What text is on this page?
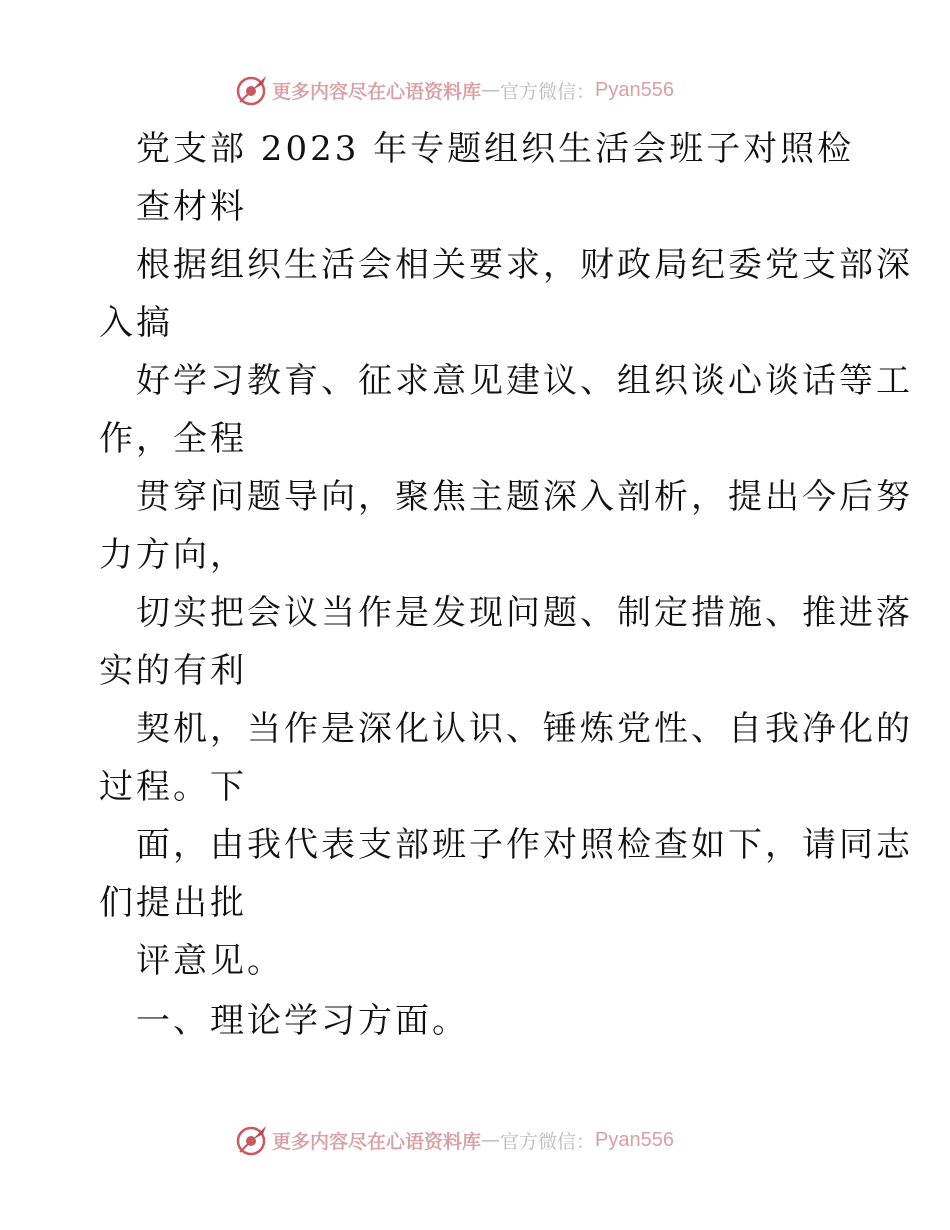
更多内容尽在心语资料库 — 官方微信： Pyan556
党支部 2023 年专题组织生活会班子对照检
查材料
根据组织生活会相关要求，财政局纪委党支部深
入搞
好学习教育、征求意见建议、组织谈心谈话等工
作，全程
贯穿问题导向，聚焦主题深入剖析，提出今后努
力方向，
切实把会议当作是发现问题、制定措施、推进落
实的有利
契机，当作是深化认识、锤炼党性、自我净化的
过程。下
面，由我代表支部班子作对照检查如下，请同志
们提出批
评意见。
一、理论学习方面。
更多内容尽在心语资料库 — 官方微信： Pyan556
